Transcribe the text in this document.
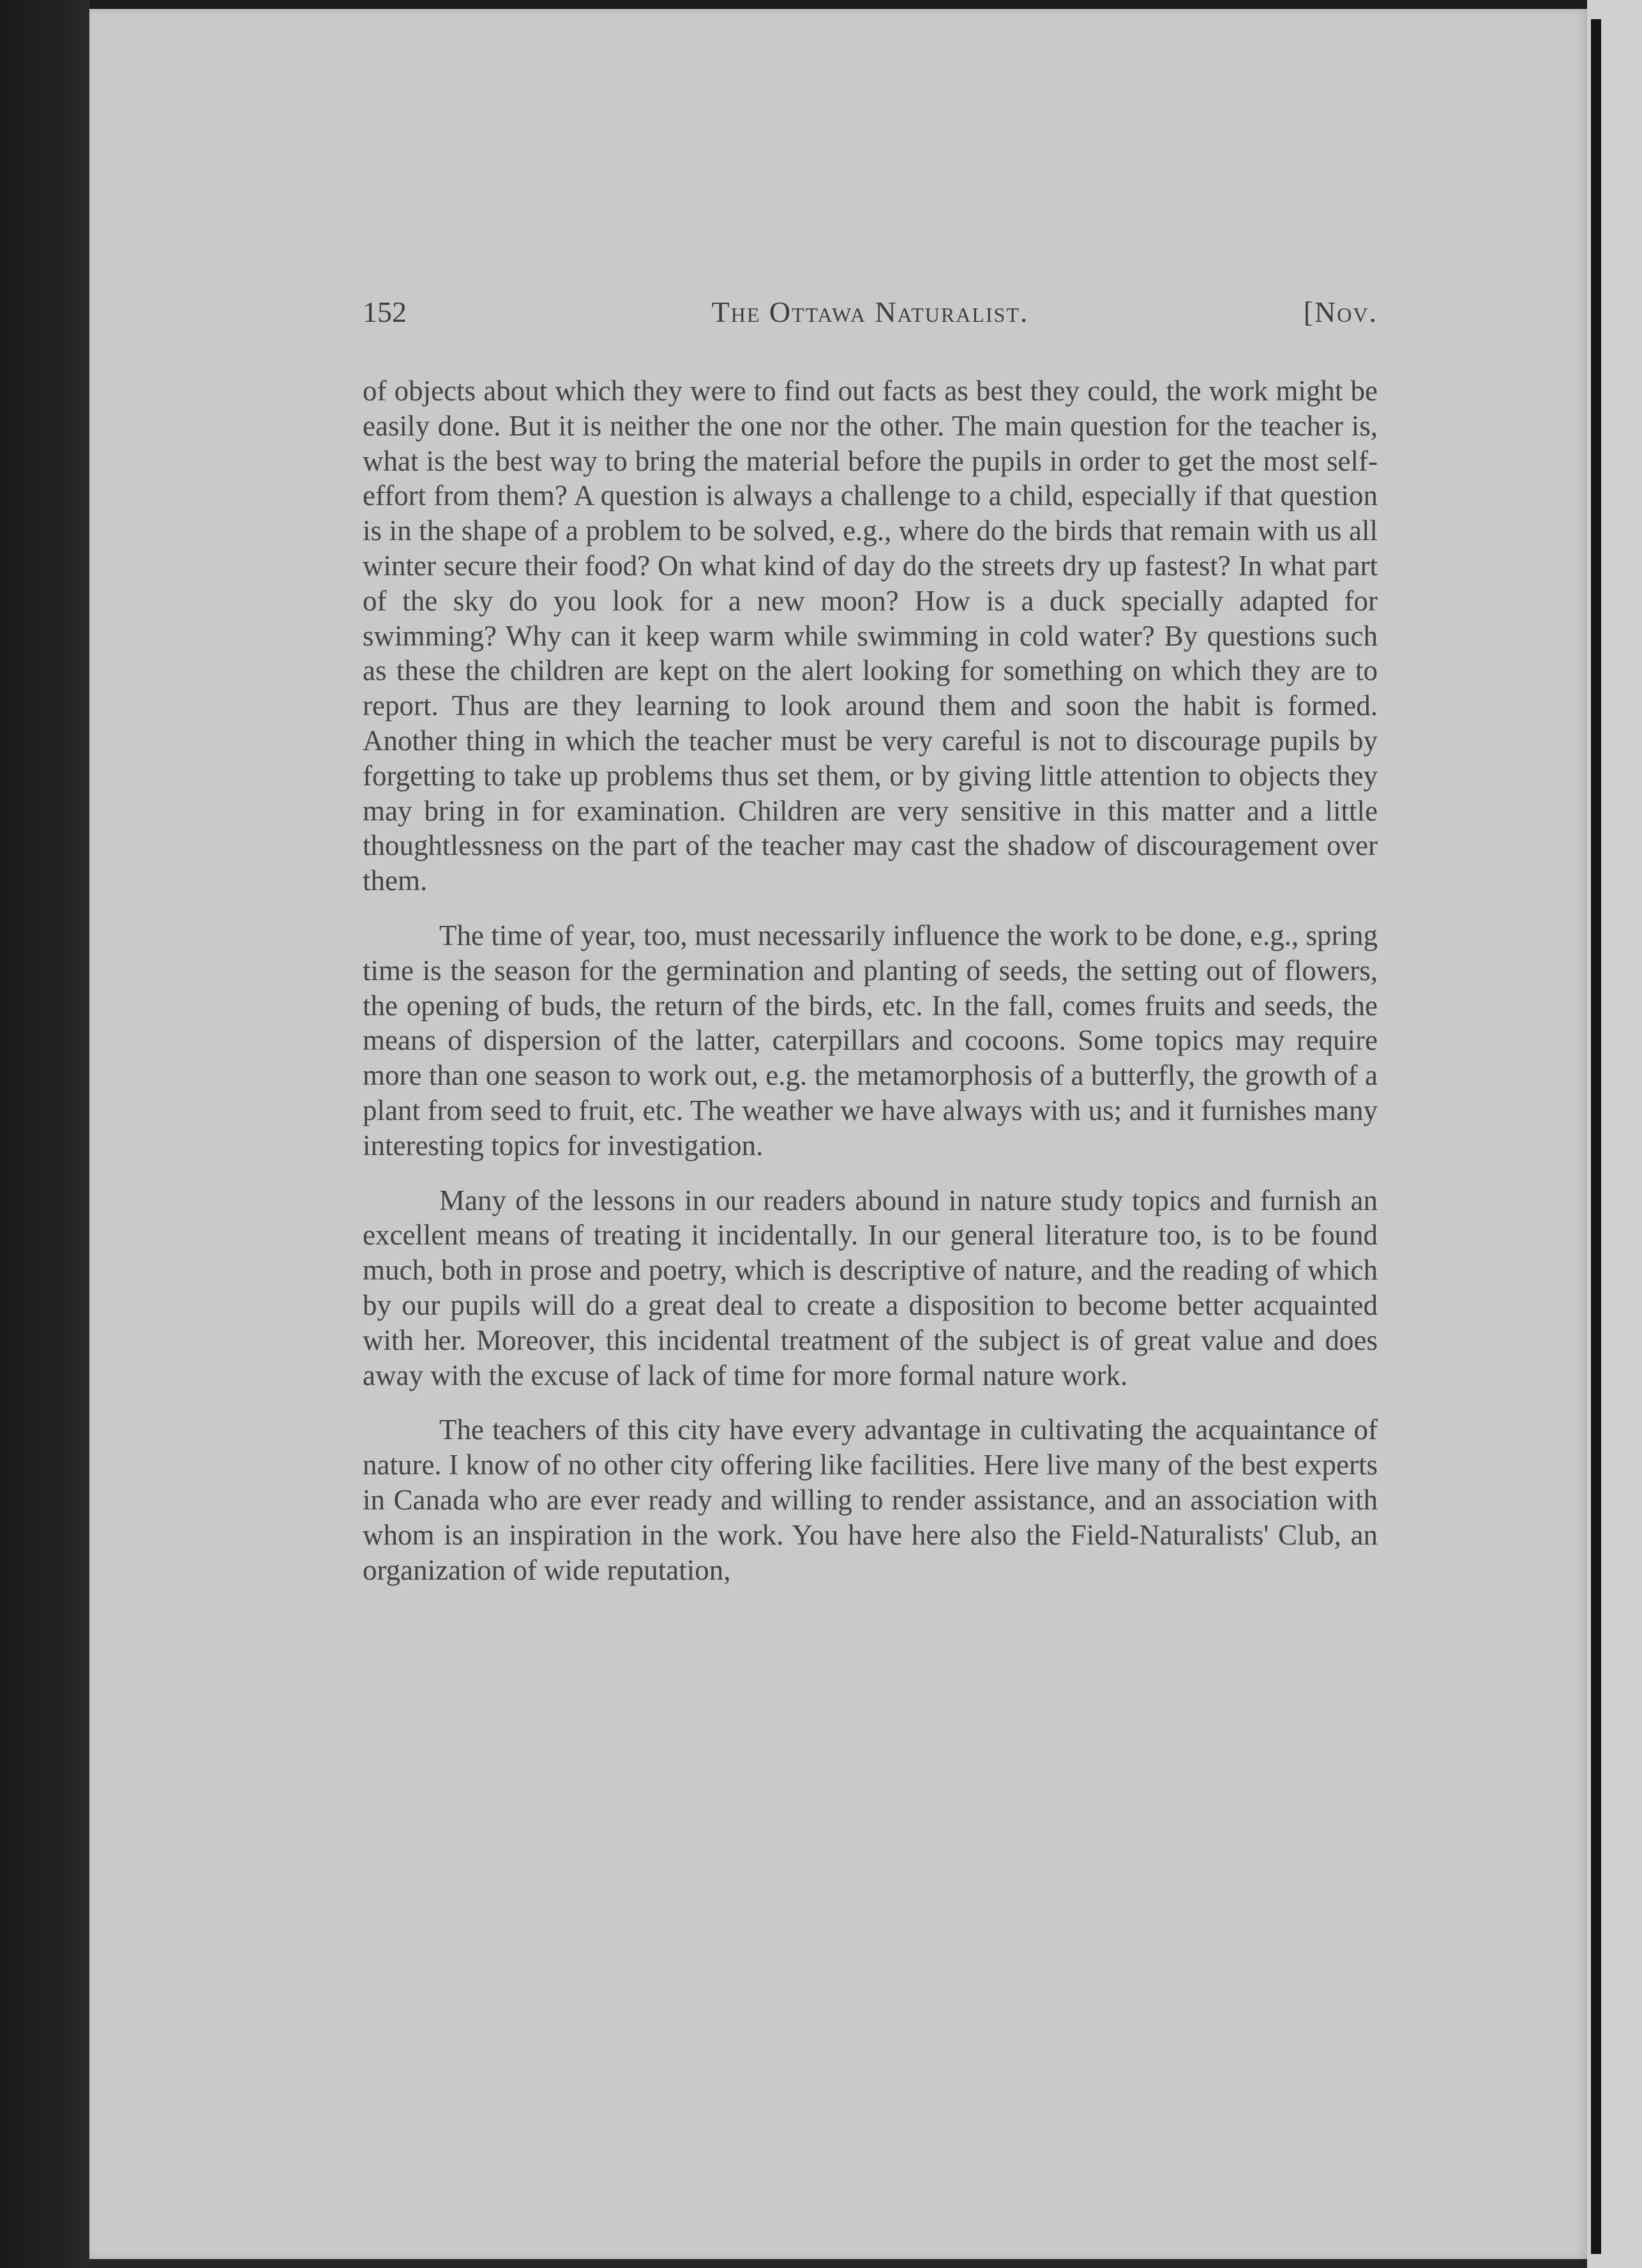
152	The Ottawa Naturalist.	[Nov.

of objects about which they were to find out facts as best they could, the work might be easily done. But it is neither the one nor the other. The main question for the teacher is, what is the best way to bring the material before the pupils in order to get the most self-effort from them? A question is always a challenge to a child, especially if that question is in the shape of a problem to be solved, e.g., where do the birds that remain with us all winter secure their food? On what kind of day do the streets dry up fastest? In what part of the sky do you look for a new moon? How is a duck specially adapted for swimming? Why can it keep warm while swimming in cold water? By questions such as these the children are kept on the alert looking for something on which they are to report. Thus are they learning to look around them and soon the habit is formed. Another thing in which the teacher must be very careful is not to discourage pupils by forgetting to take up problems thus set them, or by giving little attention to objects they may bring in for examination. Children are very sensitive in this matter and a little thoughtlessness on the part of the teacher may cast the shadow of discouragement over them.

The time of year, too, must necessarily influence the work to be done, e.g., spring time is the season for the germination and planting of seeds, the setting out of flowers, the opening of buds, the return of the birds, etc. In the fall, comes fruits and seeds, the means of dispersion of the latter, caterpillars and cocoons. Some topics may require more than one season to work out, e.g. the metamorphosis of a butterfly, the growth of a plant from seed to fruit, etc. The weather we have always with us; and it furnishes many interesting topics for investigation.

Many of the lessons in our readers abound in nature study topics and furnish an excellent means of treating it incidentally. In our general literature too, is to be found much, both in prose and poetry, which is descriptive of nature, and the reading of which by our pupils will do a great deal to create a disposition to become better acquainted with her. Moreover, this incidental treatment of the subject is of great value and does away with the excuse of lack of time for more formal nature work.

The teachers of this city have every advantage in cultivating the acquaintance of nature. I know of no other city offering like facilities. Here live many of the best experts in Canada who are ever ready and willing to render assistance, and an association with whom is an inspiration in the work. You have here also the Field-Naturalists' Club, an organization of wide reputation,
